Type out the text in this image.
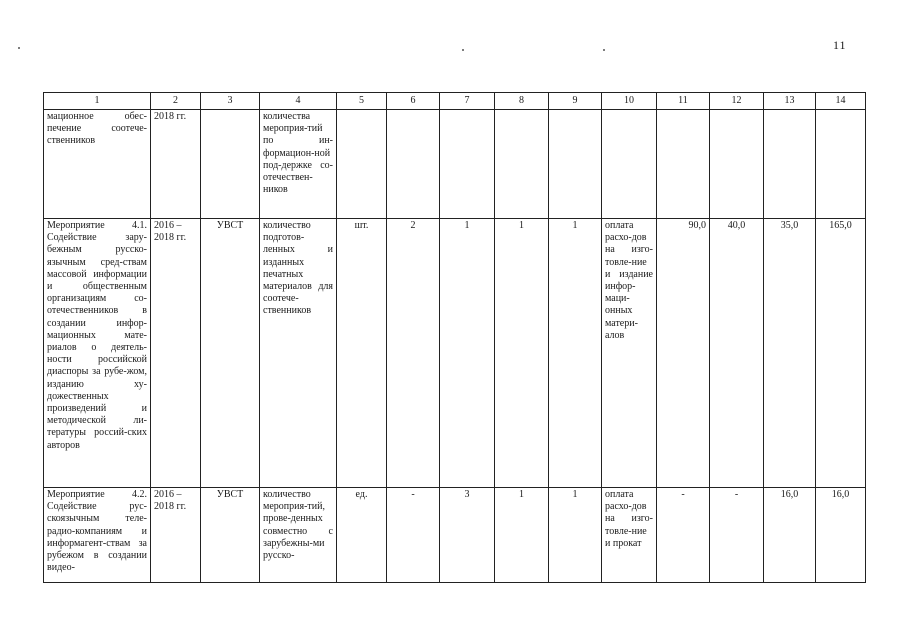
11
1	2	3	4	5	6	7	8	9	10	11	12	13	14
мационное обес-печение соотече-ственников	2018 гг.		количества мероприя-тий по ин-формацион-ной под-держке со-отечествен-ников										
Мероприятие 4.1. Содействие зару-бежным русско-язычным сред-ствам массовой информации и общественным организациям со-отечественников в создании инфор-мационных мате-риалов о деятель-ности российской диаспоры за рубе-жом, изданию ху-дожественных произведений и методической ли-тературы россий-ских авторов	2016 – 2018 гг.	УВСТ	количество подготов-ленных и изданных печатных материалов для соотече-ственников	шт.	2	1	1	1	оплата расхо-дов на изго-товле-ние и издание инфор-маци-онных матери-алов	90,0	40,0	35,0	165,0
Мероприятие 4.2. Содействие рус-скоязычным теле-радио-компаниям и информагент-ствам за рубежом в создании видео-	2016 – 2018 гг.	УВСТ	количество мероприя-тий, прове-денных совместно с зарубежны-ми русско-	ед.	-	3	1	1	оплата расхо-дов на изго-товле-ние и прокат	-	-	16,0	16,0
